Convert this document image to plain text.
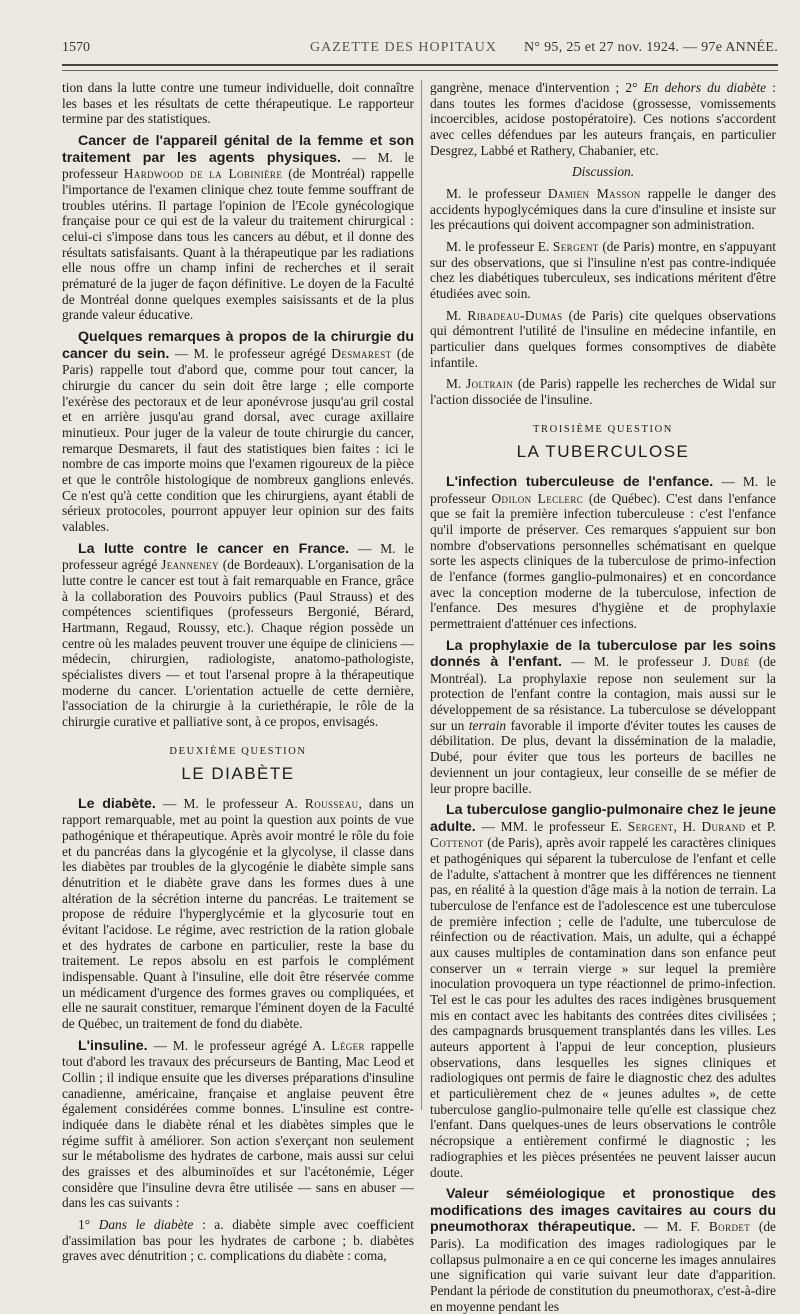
1570	GAZETTE DES HOPITAUX N° 95, 25 et 27 nov. 1924. — 97e ANNÉE.

tion dans la lutte contre une tumeur individuelle, doit connaître les bases et les résultats de cette thérapeutique. Le rapporteur termine par des statistiques.

Cancer de l'appareil génital de la femme et son traitement par les agents physiques. — M. le professeur Hardwood de la Lobinière (de Montréal) rappelle l'importance de l'examen clinique chez toute femme souffrant de troubles utérins. Il partage l'opinion de l'Ecole gynécologique française pour ce qui est de la valeur du traitement chirurgical : celui-ci s'impose dans tous les cancers au début, et il donne des résultats satisfaisants. Quant à la thérapeutique par les radiations elle nous offre un champ infini de recherches et il serait prématuré de la juger de façon définitive. Le doyen de la Faculté de Montréal donne quelques exemples saisissants et de la plus grande valeur éducative.

Quelques remarques à propos de la chirurgie du cancer du sein. — M. le professeur agrégé Desmarest (de Paris) rappelle tout d'abord que, comme pour tout cancer, la chirurgie du cancer du sein doit être large ; elle comporte l'exérèse des pectoraux et de leur aponévrose jusqu'au gril costal et en arrière jusqu'au grand dorsal, avec curage axillaire minutieux. Pour juger de la valeur de toute chirurgie du cancer, remarque Desmarets, il faut des statistiques bien faites : ici le nombre de cas importe moins que l'examen rigoureux de la pièce et que le contrôle histologique de nombreux ganglions enlevés. Ce n'est qu'à cette condition que les chirurgiens, ayant établi de sérieux protocoles, pourront appuyer leur opinion sur des faits valables.

La lutte contre le cancer en France. — M. le professeur agrégé Jeanneney (de Bordeaux). L'organisation de la lutte contre le cancer est tout à fait remarquable en France, grâce à la collaboration des Pouvoirs publics (Paul Strauss) et des compétences scientifiques (professeurs Bergonié, Bérard, Hartmann, Regaud, Roussy, etc.). Chaque région possède un centre où les malades peuvent trouver une équipe de cliniciens — médecin, chirurgien, radiologiste, anatomo-pathologiste, spécialistes divers — et tout l'arsenal propre à la thérapeutique moderne du cancer. L'orientation actuelle de cette dernière, l'association de la chirurgie à la curiethérapie, le rôle de la chirurgie curative et palliative sont, à ce propos, envisagés.

DEUXIÈME QUESTION
LE DIABÈTE

Le diabète. — M. le professeur A. Rousseau, dans un rapport remarquable, met au point la question aux points de vue pathogénique et thérapeutique. Après avoir montré le rôle du foie et du pancréas dans la glycogénie et la glycolyse, il classe dans les diabètes par troubles de la glycogénie le diabète simple sans dénutrition et le diabète grave dans les formes dues à une altération de la sécrétion interne du pancréas. Le traitement se propose de réduire l'hyperglycémie et la glycosurie tout en évitant l'acidose. Le régime, avec restriction de la ration globale et des hydrates de carbone en particulier, reste la base du traitement. Le repos absolu en est parfois le complément indispensable. Quant à l'insuline, elle doit être réservée comme un médicament d'urgence des formes graves ou compliquées, et elle ne saurait constituer, remarque l'éminent doyen de la Faculté de Québec, un traitement de fond du diabète.

L'insuline. — M. le professeur agrégé A. Léger rappelle tout d'abord les travaux des précurseurs de Banting, Mac Leod et Collin ; il indique ensuite que les diverses préparations d'insuline canadienne, américaine, française et anglaise peuvent être également considérées comme bonnes. L'insuline est contre-indiquée dans le diabète rénal et les diabètes simples que le régime suffit à améliorer. Son action s'exerçant non seulement sur le métabolisme des hydrates de carbone, mais aussi sur celui des graisses et des albuminoïdes et sur l'acétonémie, Léger considère que l'insuline devra être utilisée — sans en abuser — dans les cas suivants :

1° Dans le diabète : a. diabète simple avec coefficient d'assimilation bas pour les hydrates de carbone ; b. diabètes graves avec dénutrition ; c. complications du diabète : coma,

gangrène, menace d'intervention ; 2° En dehors du diabète : dans toutes les formes d'acidose (grossesse, vomissements incoercibles, acidose postopératoire). Ces notions s'accordent avec celles défendues par les auteurs français, en particulier Desgrez, Labbé et Rathery, Chabanier, etc.

Discussion.

M. le professeur Damien Masson rappelle le danger des accidents hypoglycémiques dans la cure d'insuline et insiste sur les précautions qui doivent accompagner son administration.

M. le professeur E. Sergent (de Paris) montre, en s'appuyant sur des observations, que si l'insuline n'est pas contre-indiquée chez les diabétiques tuberculeux, ses indications méritent d'être étudiées avec soin.

M. Ribadeau-Dumas (de Paris) cite quelques observations qui démontrent l'utilité de l'insuline en médecine infantile, en particulier dans quelques formes consomptives de diabète infantile.

M. Joltrain (de Paris) rappelle les recherches de Widal sur l'action dissociée de l'insuline.

TROISIÈME QUESTION
LA TUBERCULOSE

L'infection tuberculeuse de l'enfance. — M. le professeur Odilon Leclerc (de Québec). C'est dans l'enfance que se fait la première infection tuberculeuse : c'est l'enfance qu'il importe de préserver. Ces remarques s'appuient sur bon nombre d'observations personnelles schématisant en quelque sorte les aspects cliniques de la tuberculose de primo-infection de l'enfance (formes ganglio-pulmonaires) et en concordance avec la conception moderne de la tuberculose, infection de l'enfance. Des mesures d'hygiène et de prophylaxie permettraient d'atténuer ces infections.

La prophylaxie de la tuberculose par les soins donnés à l'enfant. — M. le professeur J. Dubé (de Montréal). La prophylaxie repose non seulement sur la protection de l'enfant contre la contagion, mais aussi sur le développement de sa résistance. La tuberculose se développant sur un terrain favorable il importe d'éviter toutes les causes de débilitation. De plus, devant la dissémination de la maladie, Dubé, pour éviter que tous les porteurs de bacilles ne deviennent un jour contagieux, leur conseille de se méfier de leur propre bacille.

La tuberculose ganglio-pulmonaire chez le jeune adulte. — MM. le professeur E. Sergent, H. Durand et P. Cottenot (de Paris), après avoir rappelé les caractères cliniques et pathogéniques qui séparent la tuberculose de l'enfant et celle de l'adulte, s'attachent à montrer que les différences ne tiennent pas, en réalité à la question d'âge mais à la notion de terrain. La tuberculose de l'enfance est de l'adolescence est une tuberculose de première infection ; celle de l'adulte, une tuberculose de réinfection ou de réactivation. Mais, un adulte, qui a échappé aux causes multiples de contamination dans son enfance peut conserver un « terrain vierge » sur lequel la première inoculation provoquera un type réactionnel de primo-infection. Tel est le cas pour les adultes des races indigènes brusquement mis en contact avec les habitants des contrées dites civilisées ; des campagnards brusquement transplantés dans les villes. Les auteurs apportent à l'appui de leur conception, plusieurs observations, dans lesquelles les signes cliniques et radiologiques ont permis de faire le diagnostic chez des adultes et particulièrement chez de « jeunes adultes », de cette tuberculose ganglio-pulmonaire telle qu'elle est classique chez l'enfant. Dans quelques-unes de leurs observations le contrôle nécropsique a entièrement confirmé le diagnostic ; les radiographies et les pièces présentées ne peuvent laisser aucun doute.

Valeur séméiologique et pronostique des modifications des images cavitaires au cours du pneumothorax thérapeutique. — M. F. Bordet (de Paris). La modification des images radiologiques par le collapsus pulmonaire a en ce qui concerne les images annulaires une signification qui varie suivant leur date d'apparition. Pendant la période de constitution du pneumothorax, c'est-à-dire en moyenne pendant les
